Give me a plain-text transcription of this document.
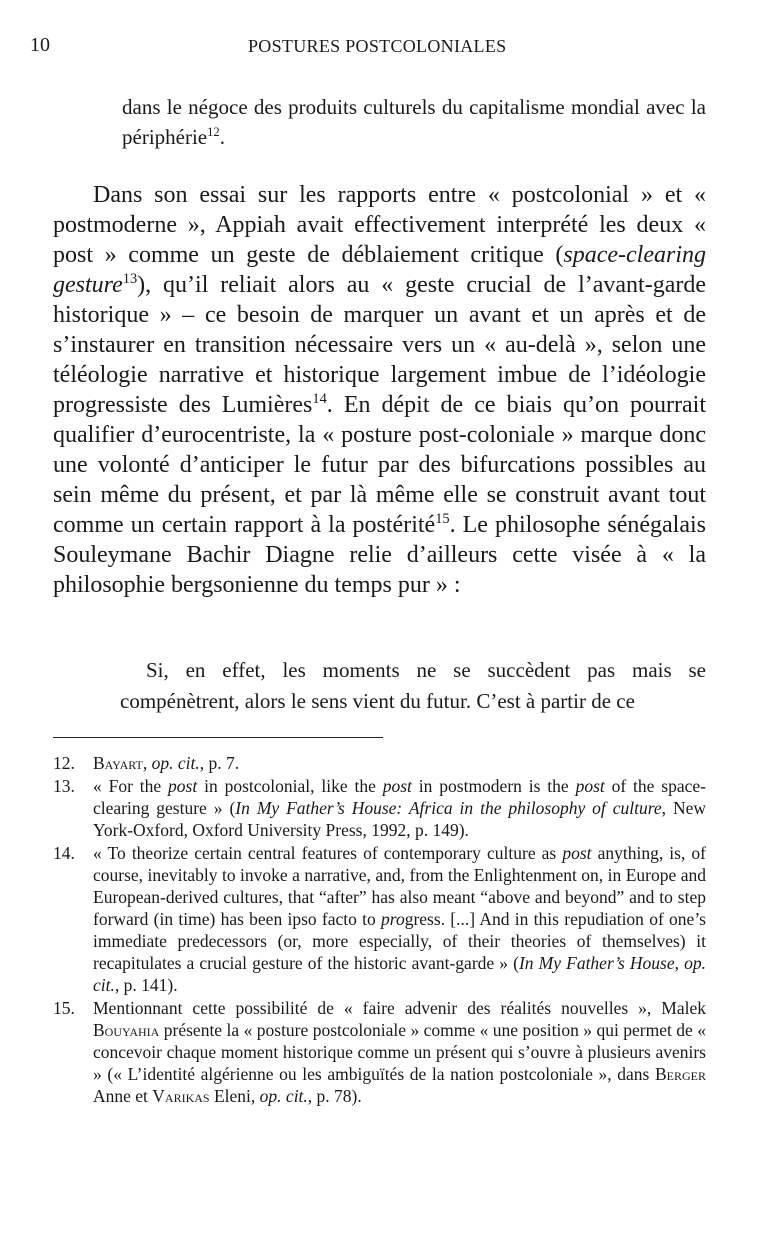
10	POSTURES POSTCOLONIALES
dans le négoce des produits culturels du capitalisme mondial avec la périphérie$^{12}$.
Dans son essai sur les rapports entre « postcolonial » et « postmoderne », Appiah avait effectivement interprété les deux « post » comme un geste de déblaiement critique (space-clearing gesture$^{13}$), qu’il reliait alors au « geste crucial de l’avant-garde historique » – ce besoin de marquer un avant et un après et de s’instaurer en transition nécessaire vers un « au-delà », selon une téléologie narrative et historique largement imbue de l’idéologie progressiste des Lumières$^{14}$. En dépit de ce biais qu’on pourrait qualifier d’eurocentriste, la « posture post-coloniale » marque donc une volonté d’anticiper le futur par des bifurcations possibles au sein même du présent, et par là même elle se construit avant tout comme un certain rapport à la postérité$^{15}$. Le philosophe sénégalais Souleymane Bachir Diagne relie d’ailleurs cette visée à « la philosophie bergsonienne du temps pur » :
Si, en effet, les moments ne se succèdent pas mais se compénètrent, alors le sens vient du futur. C’est à partir de ce
12. Bayart, op. cit., p. 7.
13. « For the post in postcolonial, like the post in postmodern is the post of the space-clearing gesture » (In My Father’s House: Africa in the philosophy of culture, New York-Oxford, Oxford University Press, 1992, p. 149).
14. « To theorize certain central features of contemporary culture as post anything, is, of course, inevitably to invoke a narrative, and, from the Enlightenment on, in Europe and European-derived cultures, that “after” has also meant “above and beyond” and to step forward (in time) has been ipso facto to progress. [...] And in this repudiation of one’s immediate predecessors (or, more especially, of their theories of themselves) it recapitulates a crucial gesture of the historic avant-garde » (In My Father’s House, op. cit., p. 141).
15. Mentionnant cette possibilité de « faire advenir des réalités nouvelles », Malek Bouyahia présente la « posture postcoloniale » comme « une position » qui permet de « concevoir chaque moment historique comme un présent qui s’ouvre à plusieurs avenirs » (« L’identité algérienne ou les ambiguïtés de la nation postcoloniale », dans Berger Anne et Varikas Eleni, op. cit., p. 78).
